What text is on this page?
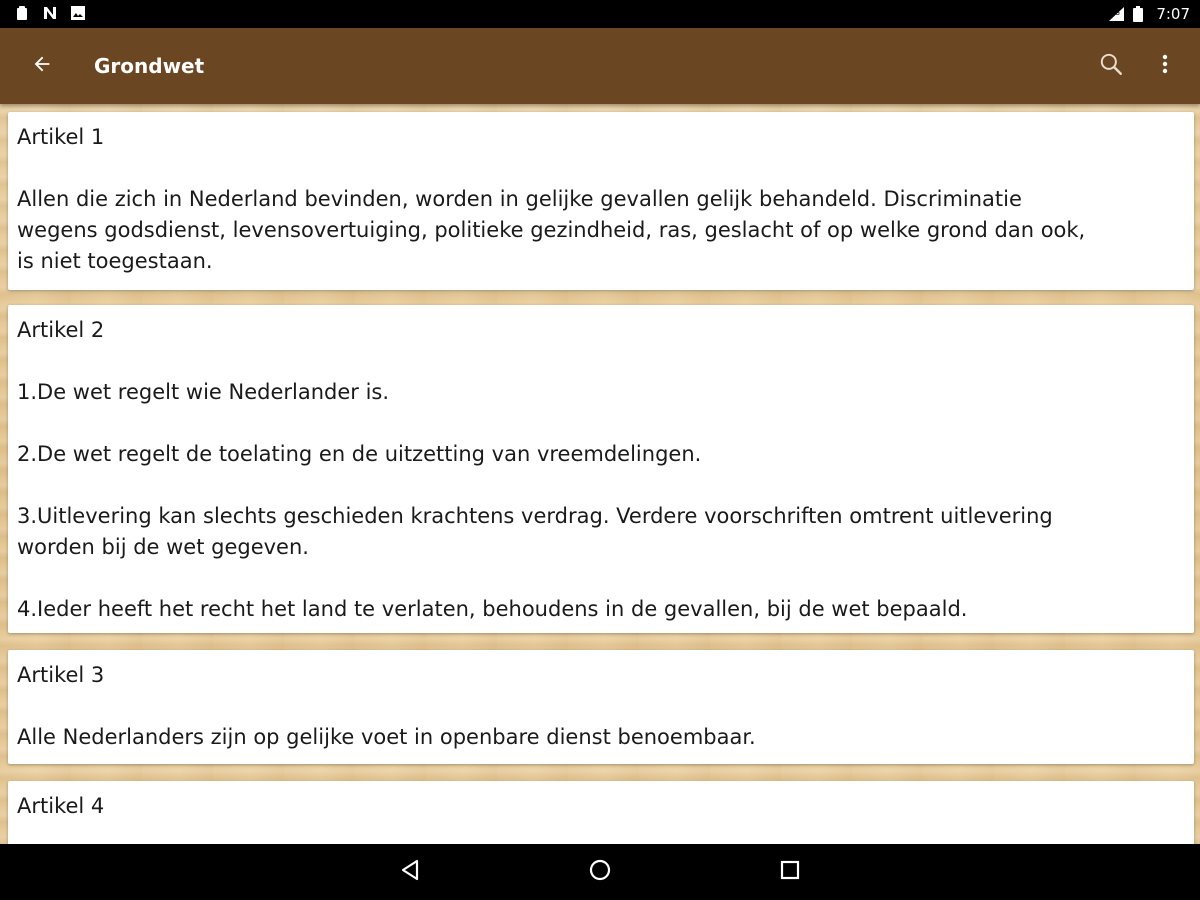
4G 7:07
Grondwet

Artikel 1

Allen die zich in Nederland bevinden, worden in gelijke gevallen gelijk behandeld. Discriminatie

wegens godsdienst, levensovertuiging, politieke gezindheid, ras, geslacht of op welke grond dan ook,

is niet toegestaan.

Artikel 2

1.De wet regelt wie Nederlander is.

2.De wet regelt de toelating en de uitzetting van vreemdelingen.

3.Uitlevering kan slechts geschieden krachtens verdrag. Verdere voorschriften omtrent uitlevering

worden bij de wet gegeven.

4.Ieder heeft het recht het land te verlaten, behoudens in de gevallen, bij de wet bepaald.

Artikel 3

Alle Nederlanders zijn op gelijke voet in openbare dienst benoembaar.

Artikel 4
